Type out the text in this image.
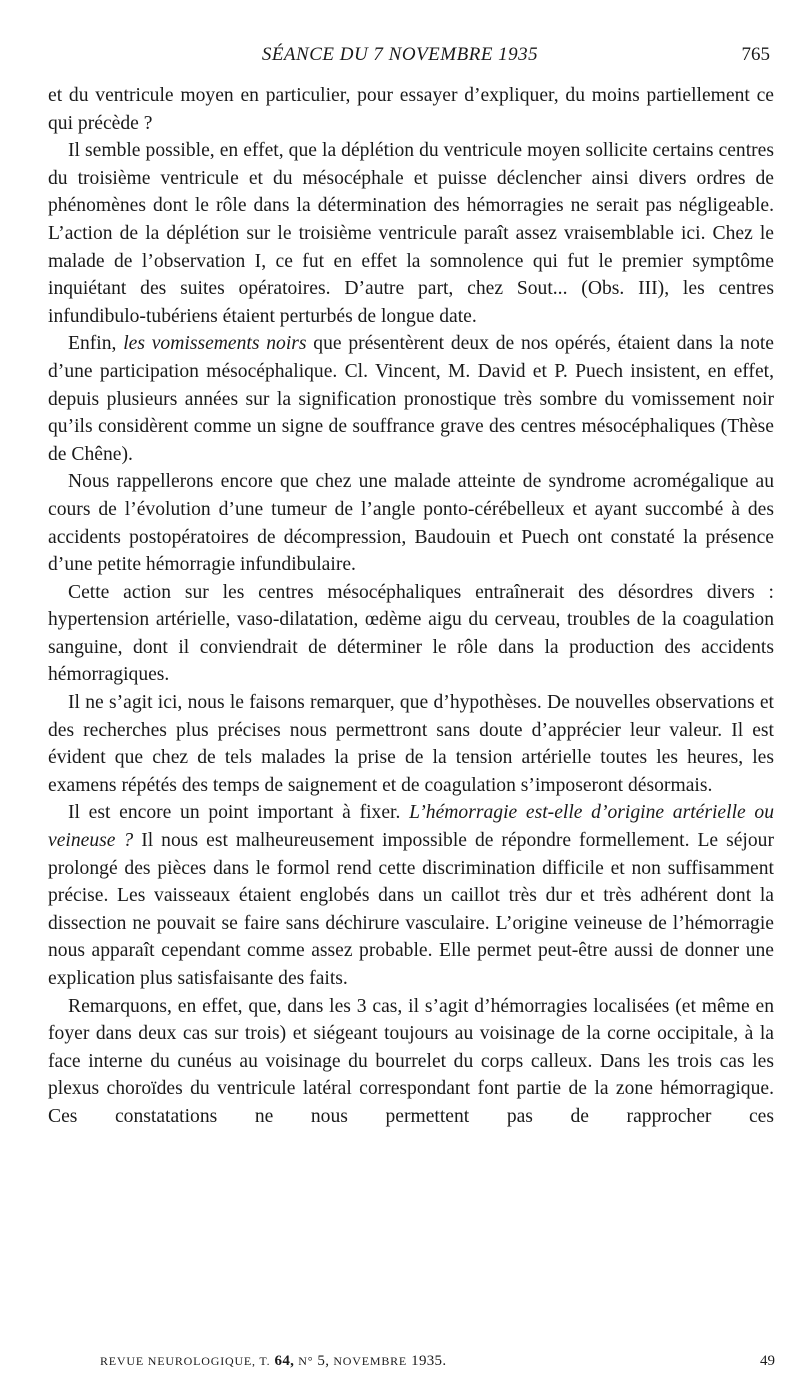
SÉANCE DU 7 NOVEMBRE 1935	765

et du ventricule moyen en particulier, pour essayer d’expliquer, du moins partiellement ce qui précède ?

Il semble possible, en effet, que la déplétion du ventricule moyen sollicite certains centres du troisième ventricule et du mésocéphale et puisse déclencher ainsi divers ordres de phénomènes dont le rôle dans la détermination des hémorragies ne serait pas négligeable. L’action de la déplétion sur le troisième ventricule paraît assez vraisemblable ici. Chez le malade de l’observation I, ce fut en effet la somnolence qui fut le premier symptôme inquiétant des suites opératoires. D’autre part, chez Sout... (Obs. III), les centres infundibulo-tubériens étaient perturbés de longue date.

Enfin, les vomissements noirs que présentèrent deux de nos opérés, étaient dans la note d’une participation mésocéphalique. Cl. Vincent, M. David et P. Puech insistent, en effet, depuis plusieurs années sur la signification pronostique très sombre du vomissement noir qu’ils considèrent comme un signe de souffrance grave des centres mésocéphaliques (Thèse de Chêne).

Nous rappellerons encore que chez une malade atteinte de syndrome acromégalique au cours de l’évolution d’une tumeur de l’angle ponto-cérébelleux et ayant succombé à des accidents postopératoires de décompression, Baudouin et Puech ont constaté la présence d’une petite hémorragie infundibulaire.

Cette action sur les centres mésocéphaliques entraînerait des désordres divers : hypertension artérielle, vaso-dilatation, œdème aigu du cerveau, troubles de la coagulation sanguine, dont il conviendrait de déterminer le rôle dans la production des accidents hémorragiques.

Il ne s’agit ici, nous le faisons remarquer, que d’hypothèses. De nouvelles observations et des recherches plus précises nous permettront sans doute d’apprécier leur valeur. Il est évident que chez de tels malades la prise de la tension artérielle toutes les heures, les examens répétés des temps de saignement et de coagulation s’imposeront désormais.

Il est encore un point important à fixer. L’hémorragie est-elle d’origine artérielle ou veineuse ? Il nous est malheureusement impossible de répondre formellement. Le séjour prolongé des pièces dans le formol rend cette discrimination difficile et non suffisamment précise. Les vaisseaux étaient englobés dans un caillot très dur et très adhérent dont la dissection ne pouvait se faire sans déchirure vasculaire. L’origine veineuse de l’hémorragie nous apparaît cependant comme assez probable. Elle permet peut-être aussi de donner une explication plus satisfaisante des faits.

Remarquons, en effet, que, dans les 3 cas, il s’agit d’hémorragies localisées (et même en foyer dans deux cas sur trois) et siégeant toujours au voisinage de la corne occipitale, à la face interne du cunéus au voisinage du bourrelet du corps calleux. Dans les trois cas les plexus choroïdes du ventricule latéral correspondant font partie de la zone hémorragique. Ces constatations ne nous permettent pas de rapprocher ces

REVUE NEUROLOGIQUE, T. 64, N° 5, NOVEMBRE 1935.	49
